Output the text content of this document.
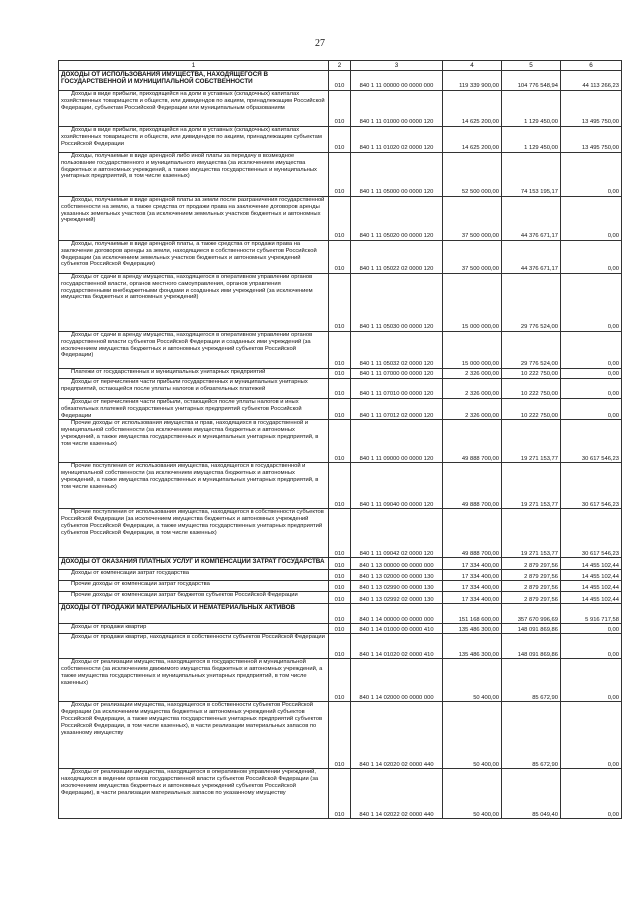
27
1	2	3	4	5	6

ДОХОДЫ ОТ ИСПОЛЬЗОВАНИЯ ИМУЩЕСТВА, НАХОДЯЩЕГОСЯ В ГОСУДАРСТВЕННОЙ И МУНИЦИПАЛЬНОЙ СОБСТВЕННОСТИ	010	840 1 11 00000 00 0000 000	119 339 900,00	104 776 548,94	44 113 266,23

Доходы в виде прибыли, приходящейся на доли в уставных (складочных) капиталах хозяйственных товариществ и обществ, или дивидендов по акциям, принадлежащим Российской Федерации, субъектам Российской Федерации или муниципальным образованиям	010	840 1 11 01000 00 0000 120	14 625 200,00	1 129 450,00	13 495 750,00

Доходы в виде прибыли, приходящейся на доли в уставных (складочных) капиталах хозяйственных товариществ и обществ, или дивидендов по акциям, принадлежащим субъектам Российской Федерации	010	840 1 11 01020 02 0000 120	14 625 200,00	1 129 450,00	13 495 750,00

Доходы, получаемые в виде арендной либо иной платы за передачу в возмездное пользование государственного и муниципального имущества (за исключением имущества бюджетных и автономных учреждений, а также имущества государственных и муниципальных унитарных предприятий, в том числе казенных)	010	840 1 11 05000 00 0000 120	52 500 000,00	74 153 195,17	0,00

Доходы, получаемые в виде арендной платы за земли после разграничения государственной собственности на землю, а также средства от продажи права на заключение договоров аренды указанных земельных участков (за исключением земельных участков бюджетных и автономных учреждений)	010	840 1 11 05020 00 0000 120	37 500 000,00	44 376 671,17	0,00

Доходы, получаемые в виде арендной платы, а также средства от продажи права на заключение договоров аренды за земли, находящиеся в собственности субъектов Российской Федерации (за исключением земельных участков бюджетных и автономных учреждений субъектов Российской Федерации)	010	840 1 11 05022 02 0000 120	37 500 000,00	44 376 671,17	0,00

Доходы от сдачи в аренду имущества, находящегося в оперативном управлении органов государственной власти, органов местного самоуправления, органов управления государственными внебюджетными фондами и созданных ими учреждений (за исключением имущества бюджетных и автономных учреждений)	010	840 1 11 05030 00 0000 120	15 000 000,00	29 776 524,00	0,00

Доходы от сдачи в аренду имущества, находящегося в оперативном управлении органов государственной власти субъектов Российской Федерации и созданных ими учреждений (за исключением имущества бюджетных и автономных учреждений субъектов Российской Федерации)	010	840 1 11 05032 02 0000 120	15 000 000,00	29 776 524,00	0,00

Платежи от государственных и муниципальных унитарных предприятий	010	840 1 11 07000 00 0000 120	2 326 000,00	10 222 750,00	0,00

Доходы от перечисления части прибыли государственных и муниципальных унитарных предприятий, остающейся после уплаты налогов и обязательных платежей	010	840 1 11 07010 00 0000 120	2 326 000,00	10 222 750,00	0,00

Доходы от перечисления части прибыли, остающейся после уплаты налогов и иных обязательных платежей государственных унитарных предприятий субъектов Российской Федерации	010	840 1 11 07012 02 0000 120	2 326 000,00	10 222 750,00	0,00

Прочие доходы от использования имущества и прав, находящихся в государственной и муниципальной собственности (за исключением имущества бюджетных и автономных учреждений, а также имущества государственных и муниципальных унитарных предприятий, в том числе казенных)	010	840 1 11 09000 00 0000 120	49 888 700,00	19 271 153,77	30 617 546,23

Прочие поступления от использования имущества, находящегося в государственной и муниципальной собственности (за исключением имущества бюджетных и автономных учреждений, а также имущества государственных и муниципальных унитарных предприятий, в том числе казенных)	010	840 1 11 09040 00 0000 120	49 888 700,00	19 271 153,77	30 617 546,23

Прочие поступления от использования имущества, находящегося в собственности субъектов Российской Федерации (за исключением имущества бюджетных и автономных учреждений субъектов Российской Федерации, а также имущества государственных унитарных предприятий субъектов Российской Федерации, в том числе казенных)	010	840 1 11 09042 02 0000 120	49 888 700,00	19 271 153,77	30 617 546,23

ДОХОДЫ ОТ ОКАЗАНИЯ ПЛАТНЫХ УСЛУГ И КОМПЕНСАЦИИ ЗАТРАТ ГОСУДАРСТВА	010	840 1 13 00000 00 0000 000	17 334 400,00	2 879 297,56	14 455 102,44

Доходы от компенсации затрат государства	010	840 1 13 02000 00 0000 130	17 334 400,00	2 879 297,56	14 455 102,44

Прочие доходы от компенсации затрат государства	010	840 1 13 02990 00 0000 130	17 334 400,00	2 879 297,56	14 455 102,44

Прочие доходы от компенсации затрат бюджетов субъектов Российской Федерации	010	840 1 13 02992 02 0000 130	17 334 400,00	2 879 297,56	14 455 102,44

ДОХОДЫ ОТ ПРОДАЖИ МАТЕРИАЛЬНЫХ И НЕМАТЕРИАЛЬНЫХ АКТИВОВ	010	840 1 14 00000 00 0000 000	151 168 600,00	357 670 996,69	5 916 717,58

Доходы от продажи квартир	010	840 1 14 01000 00 0000 410	135 486 300,00	148 091 869,86	0,00

Доходы от продажи квартир, находящихся в собственности субъектов Российской Федерации	010	840 1 14 01020 02 0000 410	135 486 300,00	148 091 869,86	0,00

Доходы от реализации имущества, находящегося в государственной и муниципальной собственности (за исключением движимого имущества бюджетных и автономных учреждений, а также имущества государственных и муниципальных унитарных предприятий, в том числе казенных)	010	840 1 14 02000 00 0000 000	50 400,00	85 672,90	0,00

Доходы от реализации имущества, находящегося в собственности субъектов Российской Федерации (за исключением имущества бюджетных и автономных учреждений субъектов Российской Федерации, а также имущества государственных унитарных предприятий субъектов Российской Федерации, в том числе казенных), в части реализации материальных запасов по указанному имуществу	010	840 1 14 02020 02 0000 440	50 400,00	85 672,90	0,00

Доходы от реализации имущества, находящегося в оперативном управлении учреждений, находящихся в ведении органов государственной власти субъектов Российской Федерации (за исключением имущества бюджетных и автономных учреждений субъектов Российской Федерации), в части реализации материальных запасов по указанному имуществу	010	840 1 14 02022 02 0000 440	50 400,00	85 049,40	0,00
